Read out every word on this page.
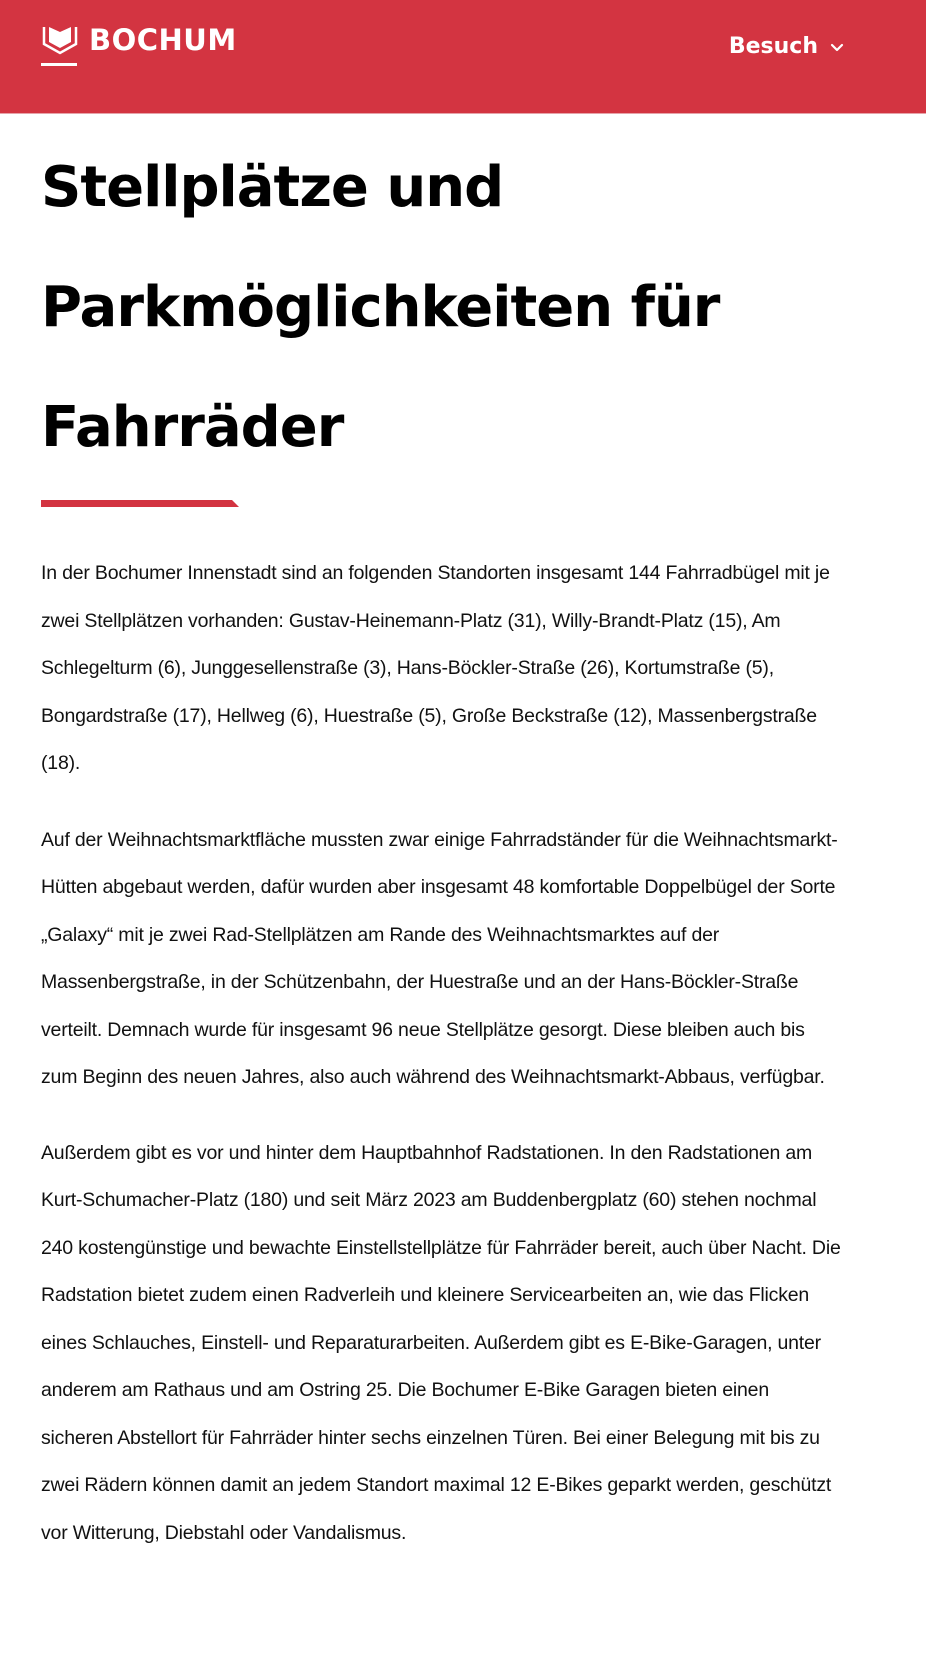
BOCHUM	Besuch
Stellplätze und Parkmöglichkeiten für Fahrräder

In der Bochumer Innenstadt sind an folgenden Standorten insgesamt 144 Fahrradbügel mit je zwei Stellplätzen vorhanden: Gustav-Heinemann-Platz (31), Willy-Brandt-Platz (15), Am Schlegelturm (6), Junggesellenstraße (3), Hans-Böckler-Straße (26), Kortumstraße (5), Bongardstraße (17), Hellweg (6), Huestraße (5), Große Beckstraße (12), Massenbergstraße (18).

Auf der Weihnachtsmarktfläche mussten zwar einige Fahrradständer für die Weihnachtsmarkt-Hütten abgebaut werden, dafür wurden aber insgesamt 48 komfortable Doppelbügel der Sorte „Galaxy“ mit je zwei Rad-Stellplätzen am Rande des Weihnachtsmarktes auf der Massenbergstraße, in der Schützenbahn, der Huestraße und an der Hans-Böckler-Straße verteilt. Demnach wurde für insgesamt 96 neue Stellplätze gesorgt. Diese bleiben auch bis zum Beginn des neuen Jahres, also auch während des Weihnachtsmarkt-Abbaus, verfügbar.

Außerdem gibt es vor und hinter dem Hauptbahnhof Radstationen. In den Radstationen am Kurt-Schumacher-Platz (180) und seit März 2023 am Buddenbergplatz (60) stehen nochmal 240 kostengünstige und bewachte Einstellstellplätze für Fahrräder bereit, auch über Nacht. Die Radstation bietet zudem einen Radverleih und kleinere Servicearbeiten an, wie das Flicken eines Schlauches, Einstell- und Reparaturarbeiten. Außerdem gibt es E-Bike-Garagen, unter anderem am Rathaus und am Ostring 25. Die Bochumer E-Bike Garagen bieten einen sicheren Abstellort für Fahrräder hinter sechs einzelnen Türen. Bei einer Belegung mit bis zu zwei Rädern können damit an jedem Standort maximal 12 E-Bikes geparkt werden, geschützt vor Witterung, Diebstahl oder Vandalismus.
